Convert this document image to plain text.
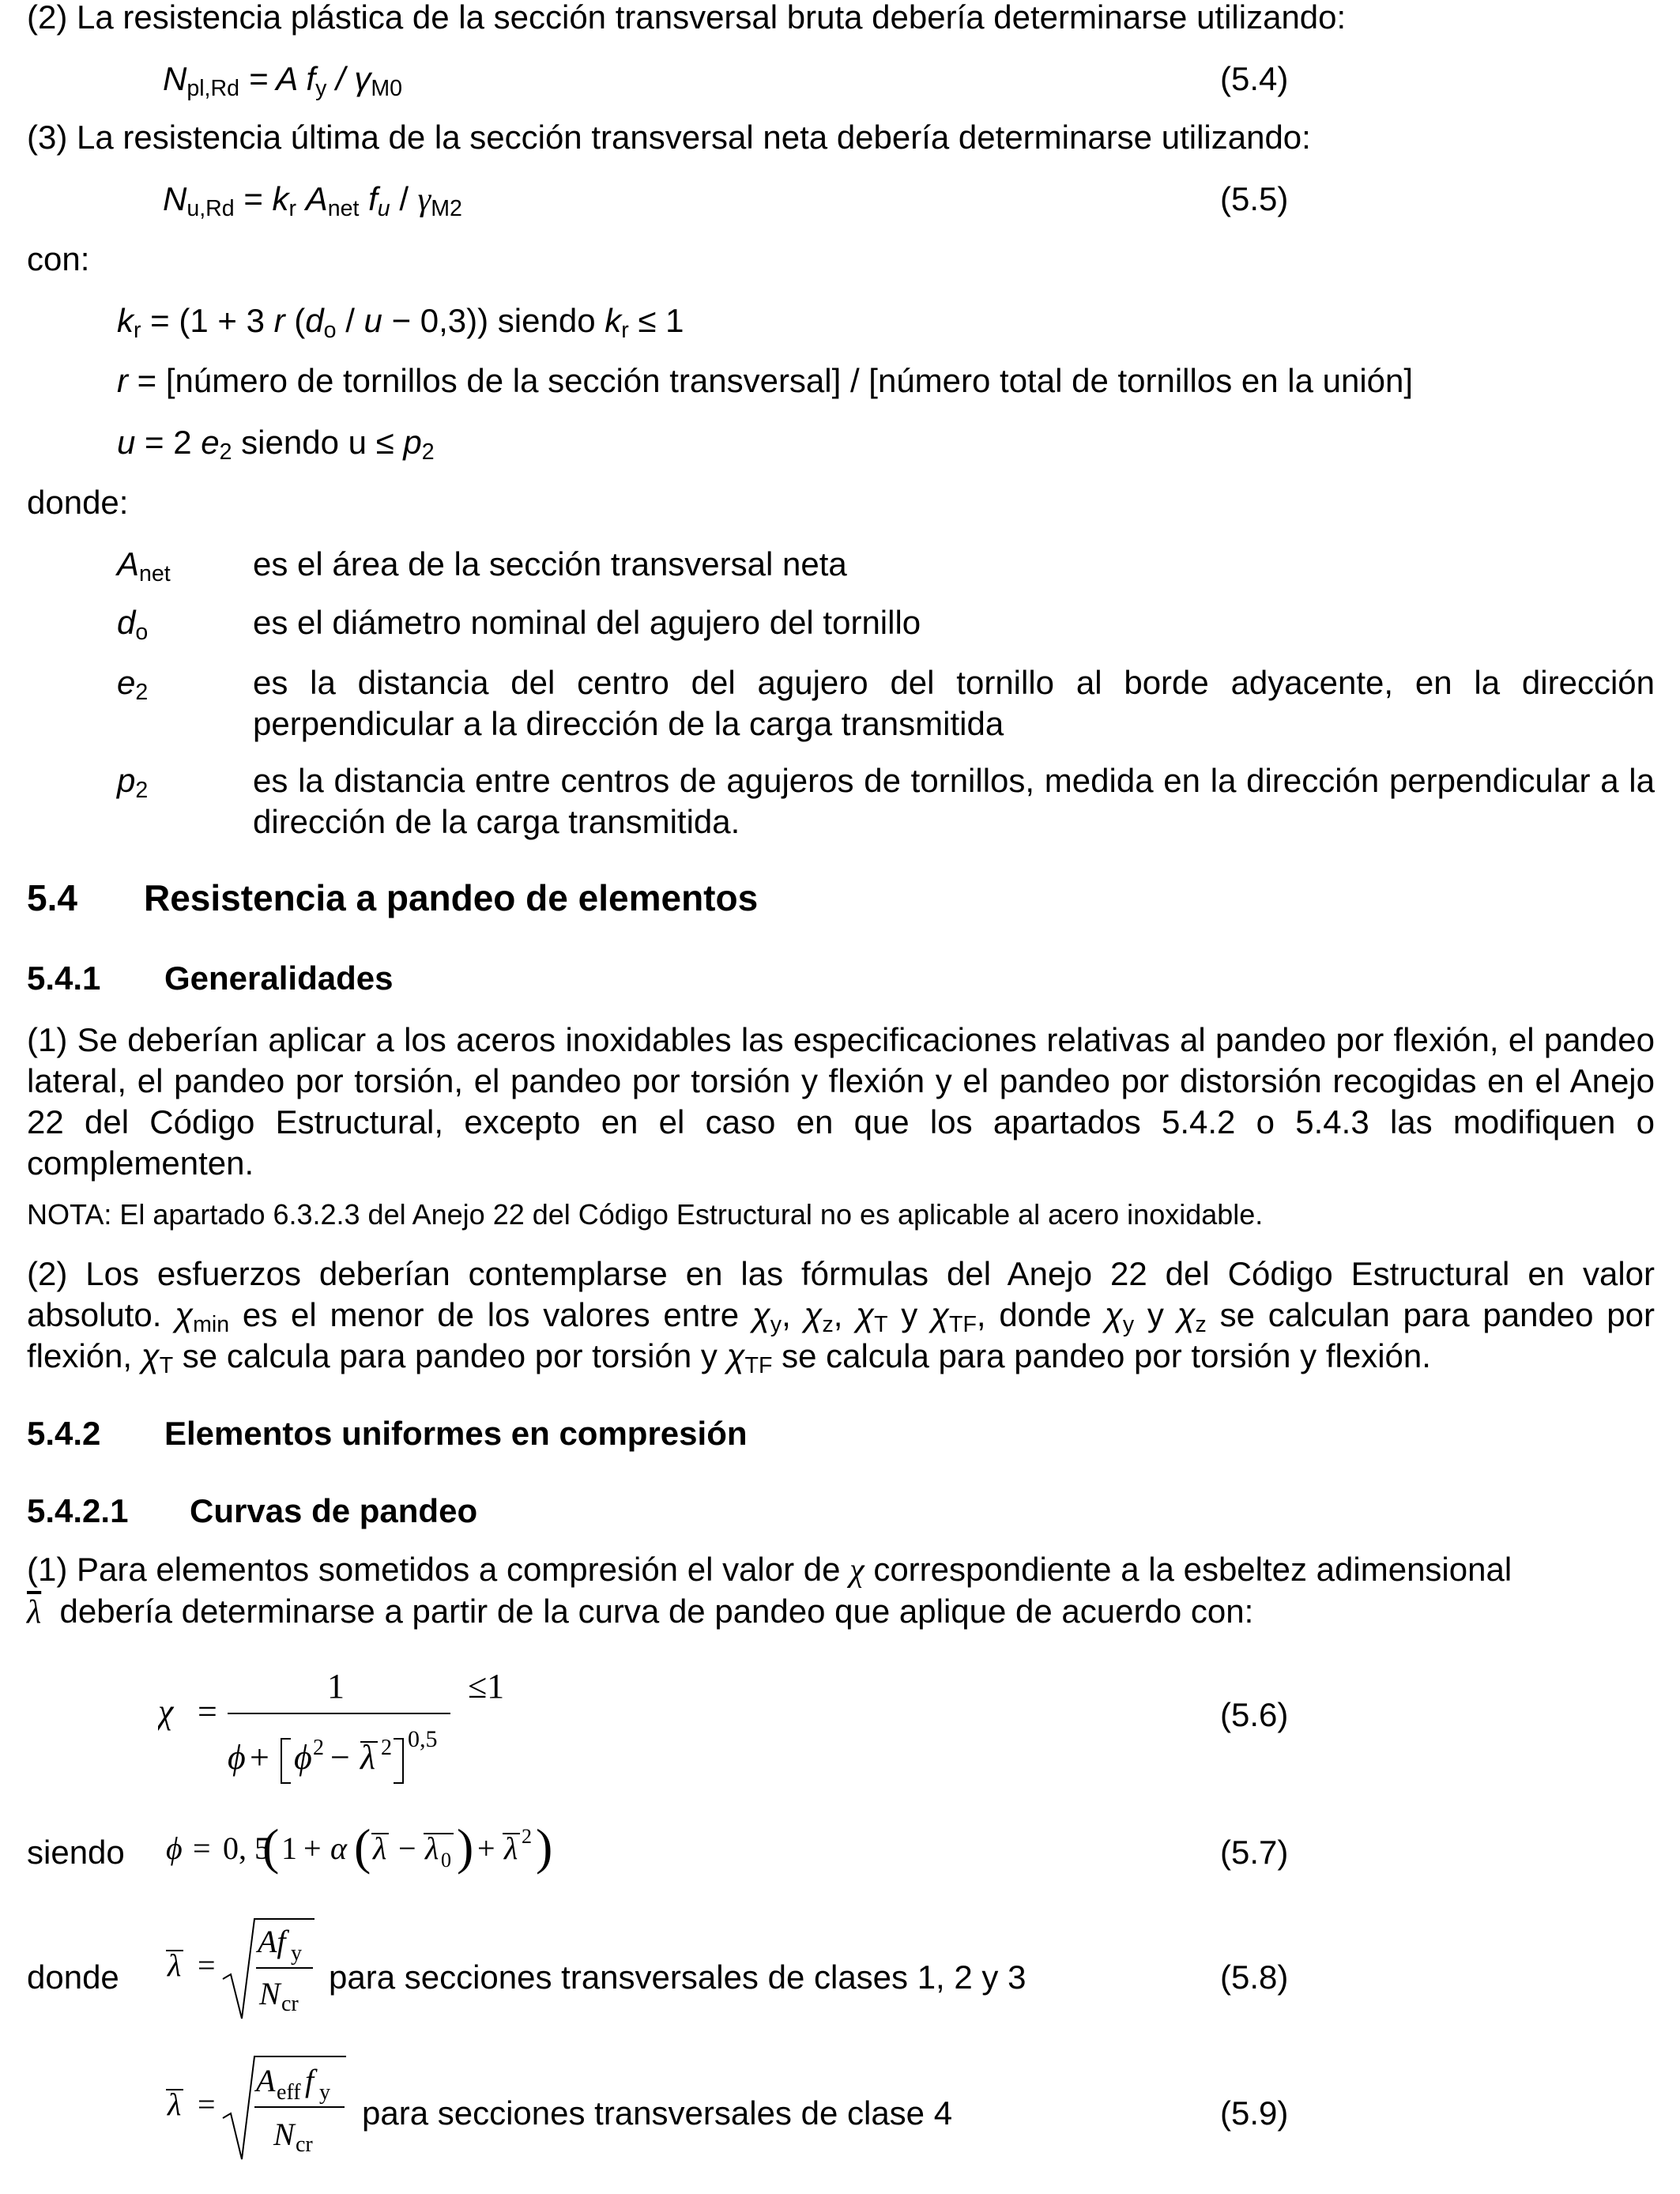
(2) La resistencia plástica de la sección transversal bruta debería determinarse utilizando:
$N_{pl,Rd} = A$ $f_y / \gamma_{M0}$	(5.4)
(3) La resistencia última de la sección transversal neta debería determinarse utilizando:
$N_{u,Rd} = k_r$ $A_{net}$ $f_u / \gamma_{M2}$	(5.5)
con:
$k_r = (1 + 3$ r $(d_o / u - 0,3)$) siendo $k_r \le 1$
r = [número de tornillos de la sección transversal] / [número total de tornillos en la unión]
u = 2 $e_2$ siendo $u \le p_2$
donde:
$A_{net}$ es el área de la sección transversal neta
$d_o$	es el diámetro nominal del agujero del tornillo
$e_2$	es la distancia del centro del agujero del tornillo al borde adyacente, en la dirección perpendicular a la dirección de la carga transmitida
$p_2$	es la distancia entre centros de agujeros de tornillos, medida en la dirección perpendicular a la dirección de la carga transmitida.
5.4 Resistencia a pandeo de elementos
5.4.1 Generalidades
(1) Se deberían aplicar a los aceros inoxidables las especificaciones relativas al pandeo por flexión, el pandeo lateral, el pandeo por torsión, el pandeo por torsión y flexión y el pandeo por distorsión recogidas en el Anejo 22 del Código Estructural, excepto en el caso en que los apartados 5.4.2 o 5.4.3 las modifiquen o complementen.
NOTA: El apartado 6.3.2.3 del Anejo 22 del Código Estructural no es aplicable al acero inoxidable.
(2) Los esfuerzos deberían contemplarse en las fórmulas del Anejo 22 del Código Estructural en valor absoluto. $\chi_{min}$ es el menor de los valores entre $\chi_y$, $\chi_z$, $\chi_T$ y $\chi_{TF}$, donde $\chi_y$ y $\chi_z$ se calculan para pandeo por flexión, $\chi_T$ se calcula para pandeo por torsión y $\chi_{TF}$ se calcula para pandeo por torsión y flexión.
5.4.2 Elementos uniformes en compresión
5.4.2.1 Curvas de pandeo
(1) Para elementos sometidos a compresión el valor de χ correspondiente a la esbeltez adimensional
$\overline{\lambda}$ debería determinarse a partir de la curva de pandeo que aplique de acuerdo con:
χ =
1
ϕ + ϕ 2 − λ 2 0,5
≤1
(5.6)
siendo ϕ = 0, 5
( 1 + α ( λ − λ 0 ) + λ 2 )	(5.7)
donde λ =
Af y
N cr
para secciones transversales de clases 1, 2 y 3	(5.8)
λ =
A eff f y
N cr
para secciones transversales de clase 4	(5.9)
